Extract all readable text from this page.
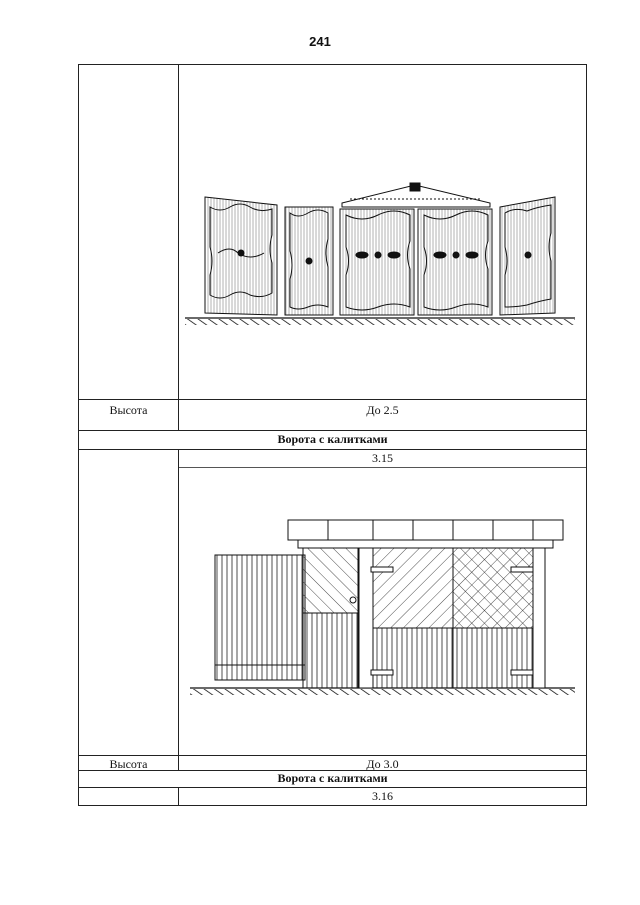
241
Высота	До 2.5
Ворота с калитками
3.15
Высота	До 3.0
Ворота с калитками
3.16
